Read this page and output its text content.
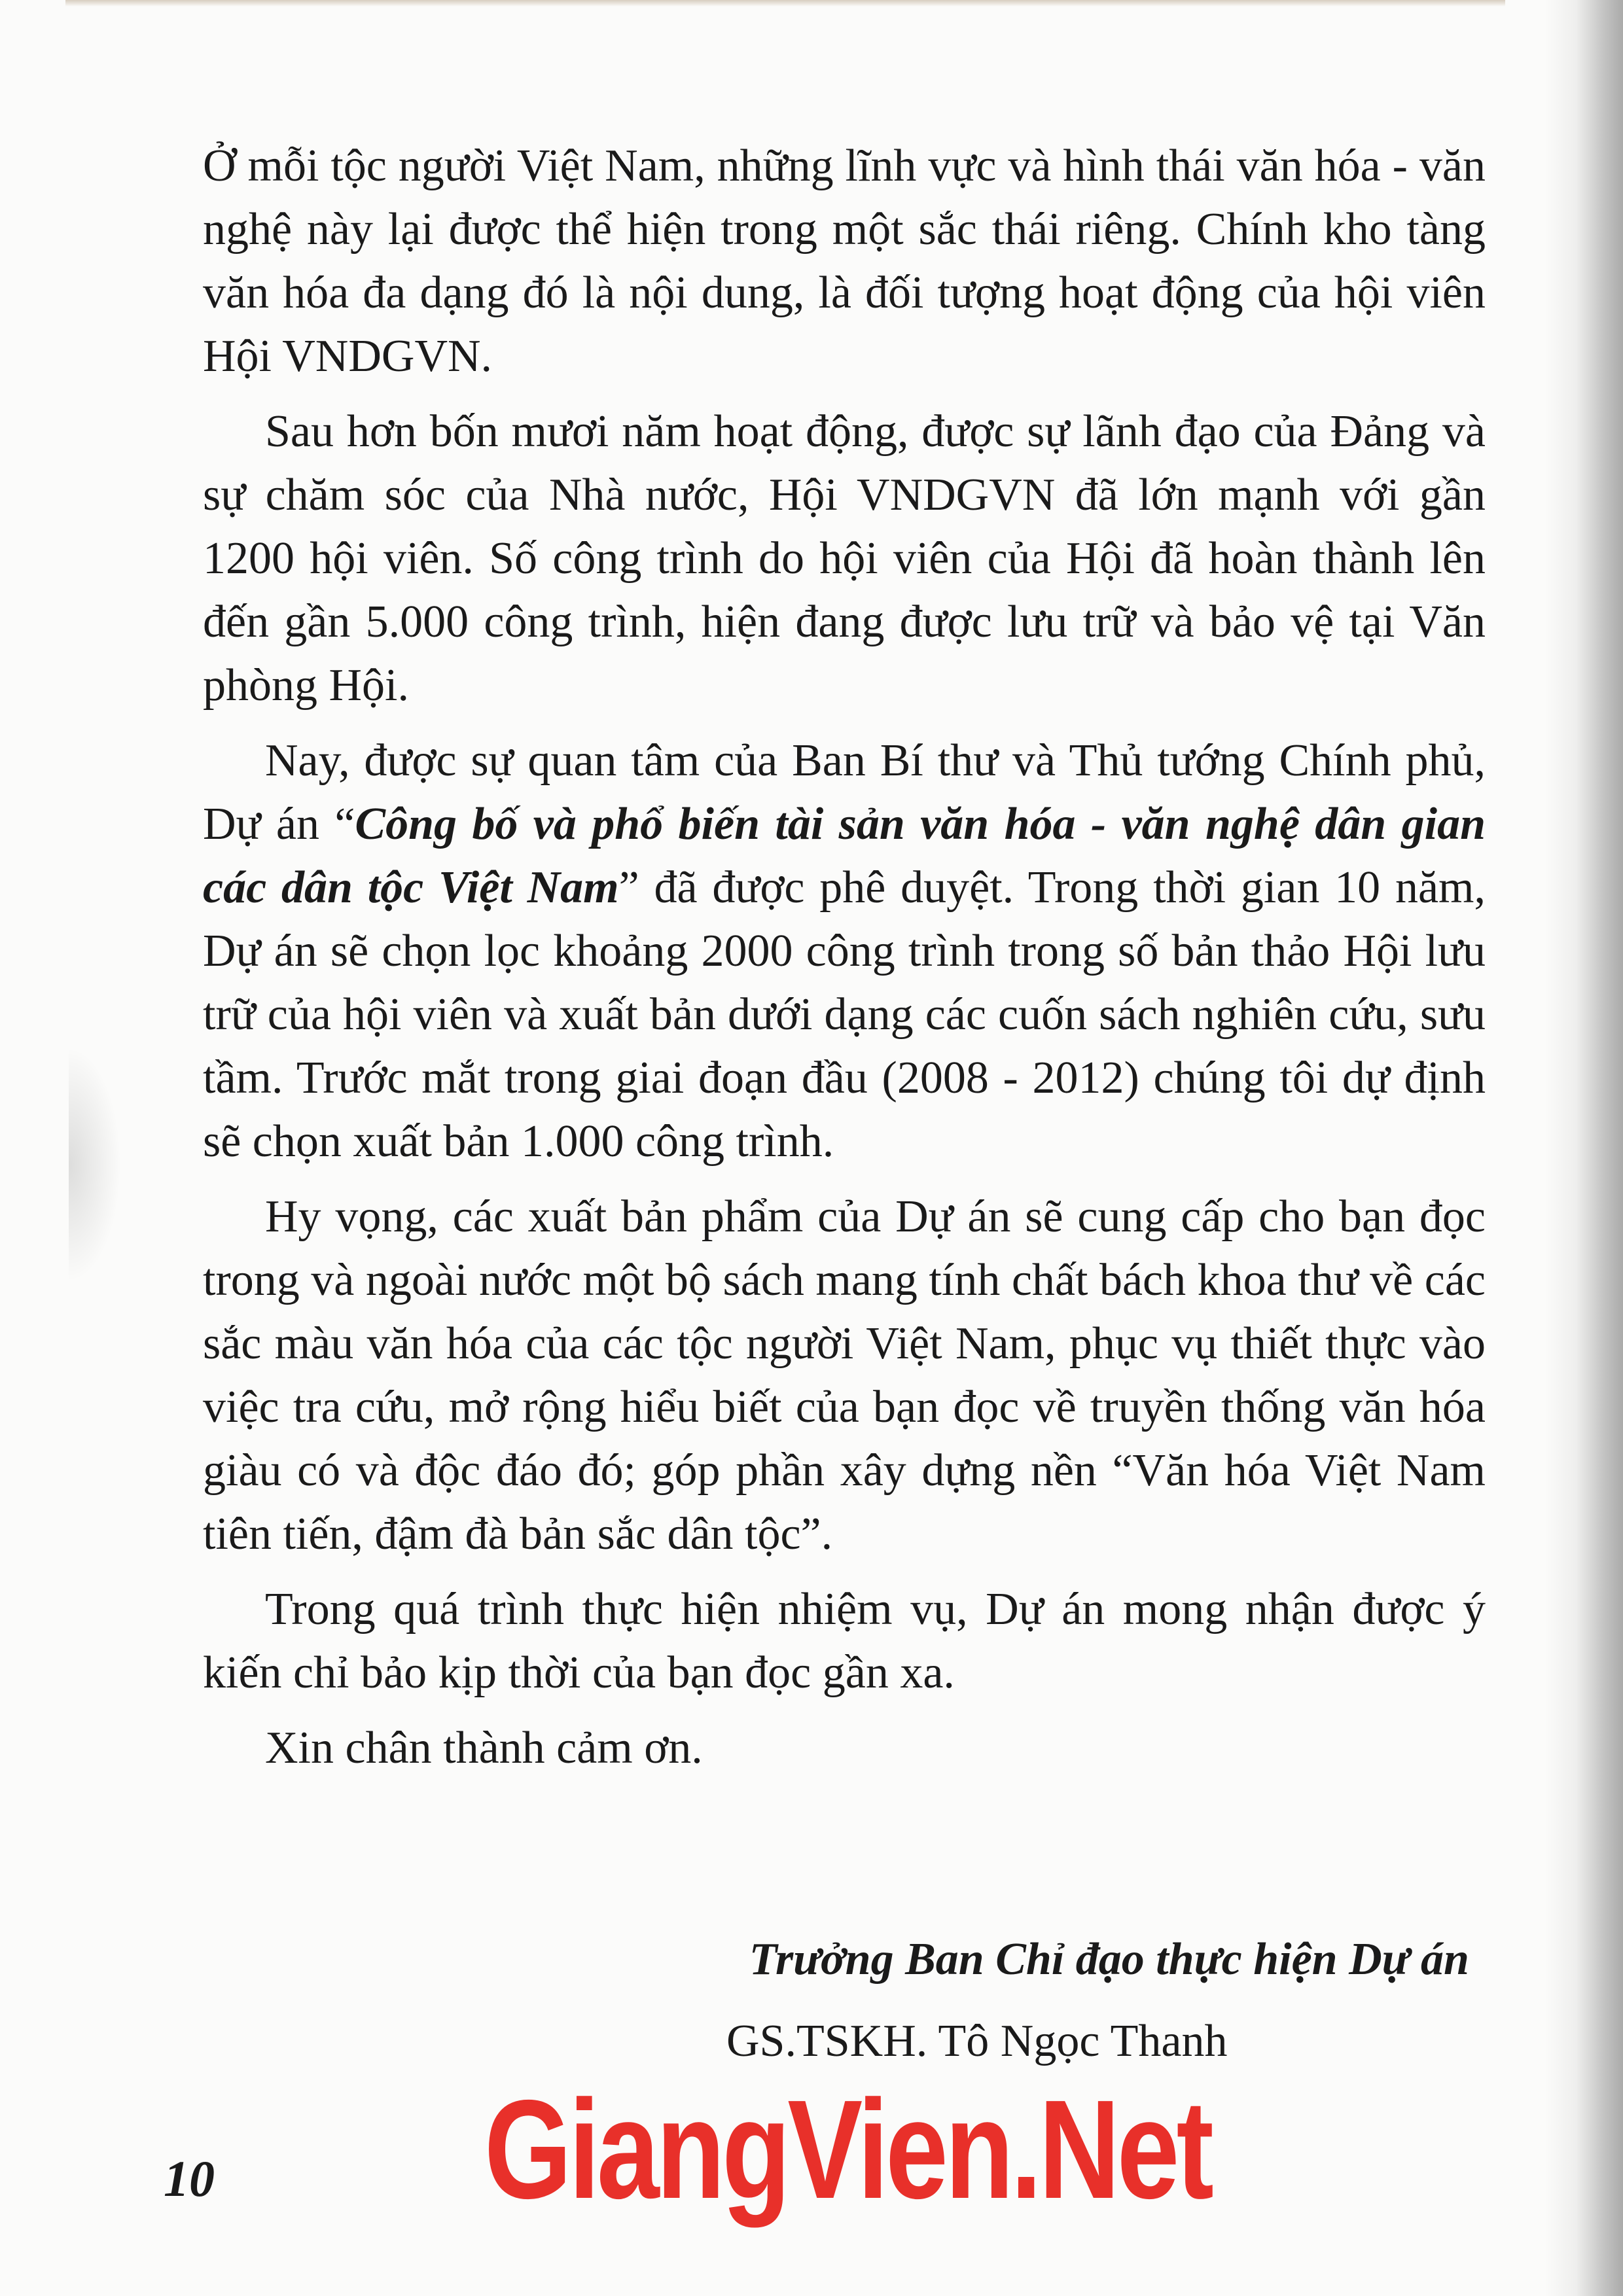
Ở mỗi tộc người Việt Nam, những lĩnh vực và hình thái văn hóa - văn nghệ này lại được thể hiện trong một sắc thái riêng. Chính kho tàng văn hóa đa dạng đó là nội dung, là đối tượng hoạt động của hội viên Hội VNDGVN.

Sau hơn bốn mươi năm hoạt động, được sự lãnh đạo của Đảng và sự chăm sóc của Nhà nước, Hội VNDGVN đã lớn mạnh với gần 1200 hội viên. Số công trình do hội viên của Hội đã hoàn thành lên đến gần 5.000 công trình, hiện đang được lưu trữ và bảo vệ tại Văn phòng Hội.

Nay, được sự quan tâm của Ban Bí thư và Thủ tướng Chính phủ, Dự án “Công bố và phổ biến tài sản văn hóa - văn nghệ dân gian các dân tộc Việt Nam” đã được phê duyệt. Trong thời gian 10 năm, Dự án sẽ chọn lọc khoảng 2000 công trình trong số bản thảo Hội lưu trữ của hội viên và xuất bản dưới dạng các cuốn sách nghiên cứu, sưu tầm. Trước mắt trong giai đoạn đầu (2008 - 2012) chúng tôi dự định sẽ chọn xuất bản 1.000 công trình.

Hy vọng, các xuất bản phẩm của Dự án sẽ cung cấp cho bạn đọc trong và ngoài nước một bộ sách mang tính chất bách khoa thư về các sắc màu văn hóa của các tộc người Việt Nam, phục vụ thiết thực vào việc tra cứu, mở rộng hiểu biết của bạn đọc về truyền thống văn hóa giàu có và độc đáo đó; góp phần xây dựng nền “Văn hóa Việt Nam tiên tiến, đậm đà bản sắc dân tộc”.

Trong quá trình thực hiện nhiệm vụ, Dự án mong nhận được ý kiến chỉ bảo kịp thời của bạn đọc gần xa.

Xin chân thành cảm ơn.

Trưởng Ban Chỉ đạo thực hiện Dự án
GS.TSKH. Tô Ngọc Thanh
GiangVien.Net
10
